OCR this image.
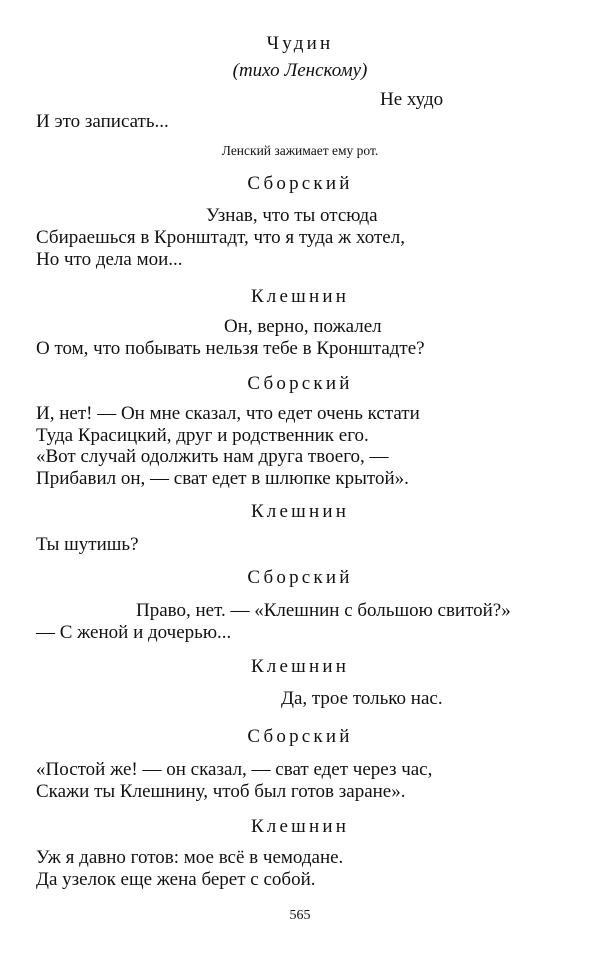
Чудин
(тихо Ленскому)
Не худо
И это записать...
Ленский зажимает ему рот.
Сборский
Узнав, что ты отсюда
Сбираешься в Кронштадт, что я туда ж хотел,
Но что дела мои...
Клешнин
Он, верно, пожалел
О том, что побывать нельзя тебе в Кронштадте?
Сборский
И, нет! — Он мне сказал, что едет очень кстати
Туда Красицкий, друг и родственник его.
«Вот случай одолжить нам друга твоего, —
Прибавил он, — сват едет в шлюпке крытой».
Клешнин
Ты шутишь?
Сборский
Право, нет. — «Клешнин с большою свитой?»
— С женой и дочерью...
Клешнин
Да, трое только нас.
Сборский
«Постой же! — он сказал, — сват едет через час,
Скажи ты Клешнину, чтоб был готов заране».
Клешнин
Уж я давно готов: мое всё в чемодане.
Да узелок еще жена берет с собой.
565
